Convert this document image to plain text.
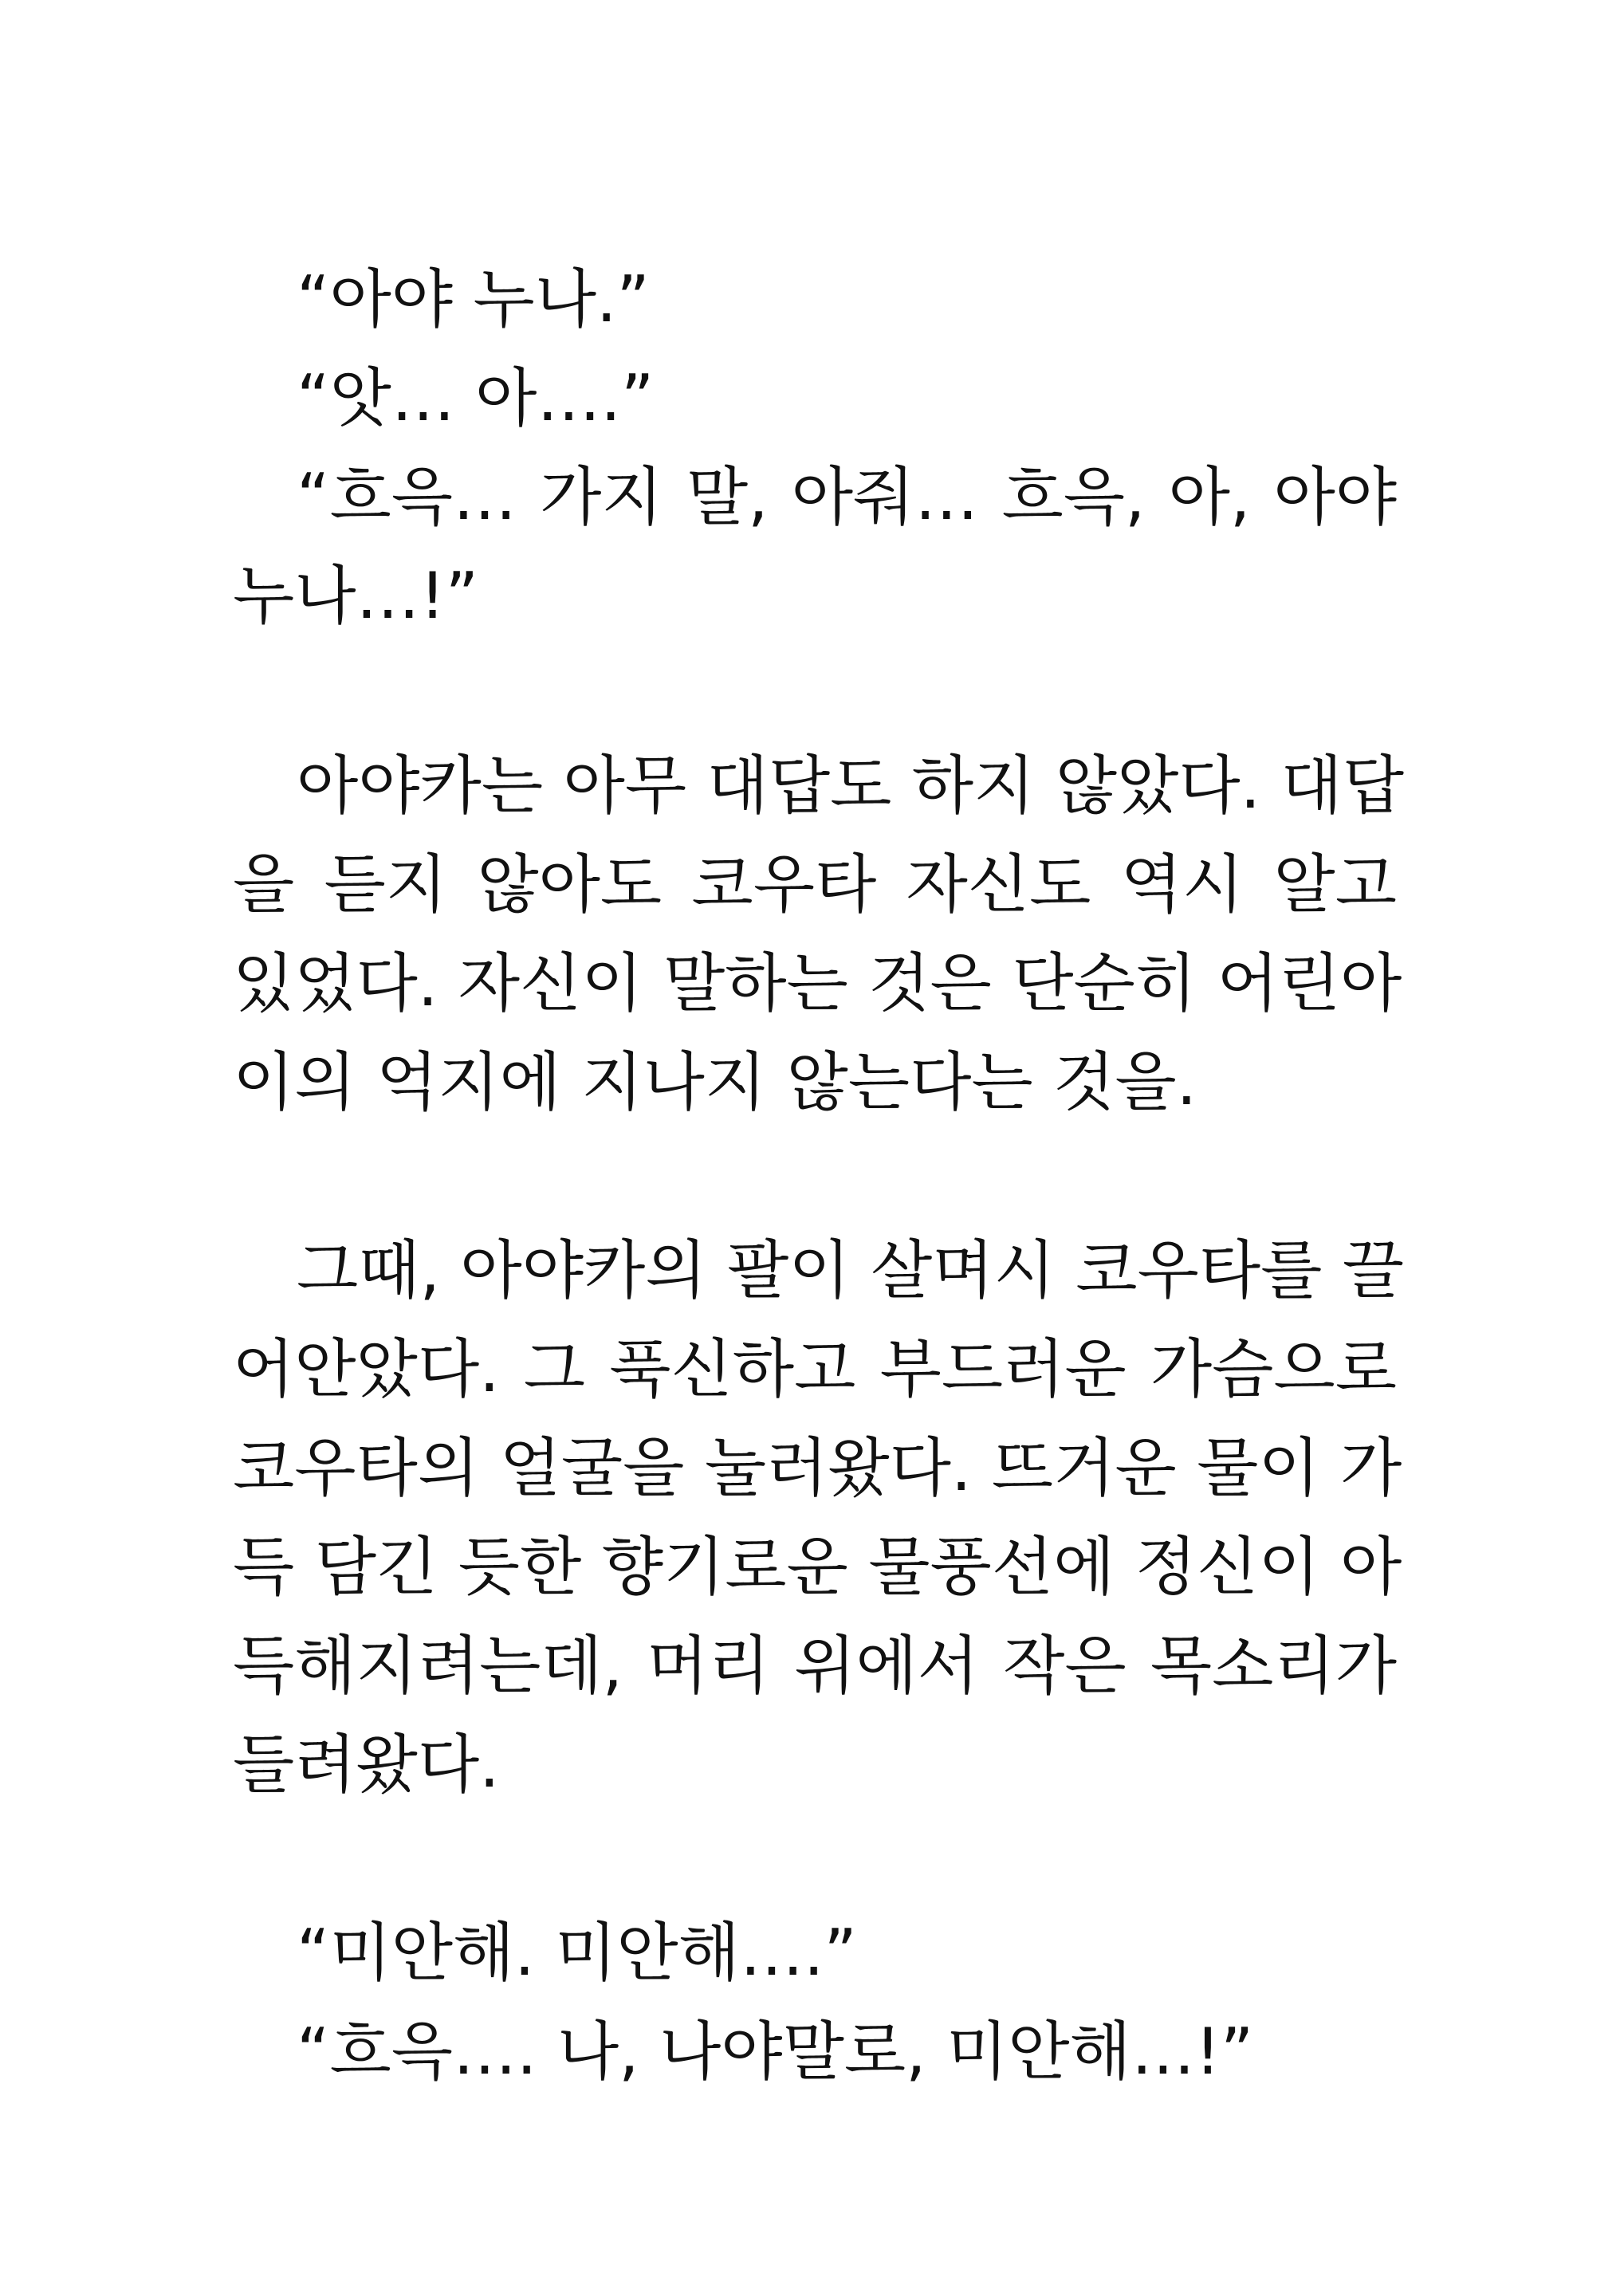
“아야 누나.”
“앗… 아….”
“흐윽… 가지 말, 아줘… 흐윽, 아, 아야
누나…!”
아야카는 아무 대답도 하지 않았다. 대답
을 듣지 않아도 코우타 자신도 역시 알고
있었다. 자신이 말하는 것은 단순히 어린아
이의 억지에 지나지 않는다는 것을.
그때, 아야카의 팔이 살며시 코우타를 끌
어안았다. 그 푹신하고 부드러운 가슴으로
코우타의 얼굴을 눌러왔다. 뜨거운 물이 가
득 담긴 듯한 향기로운 물풍선에 정신이 아
득해지려는데, 머리 위에서 작은 목소리가
들려왔다.
“미안해. 미안해….”
“흐윽…. 나, 나야말로, 미안해…!”
